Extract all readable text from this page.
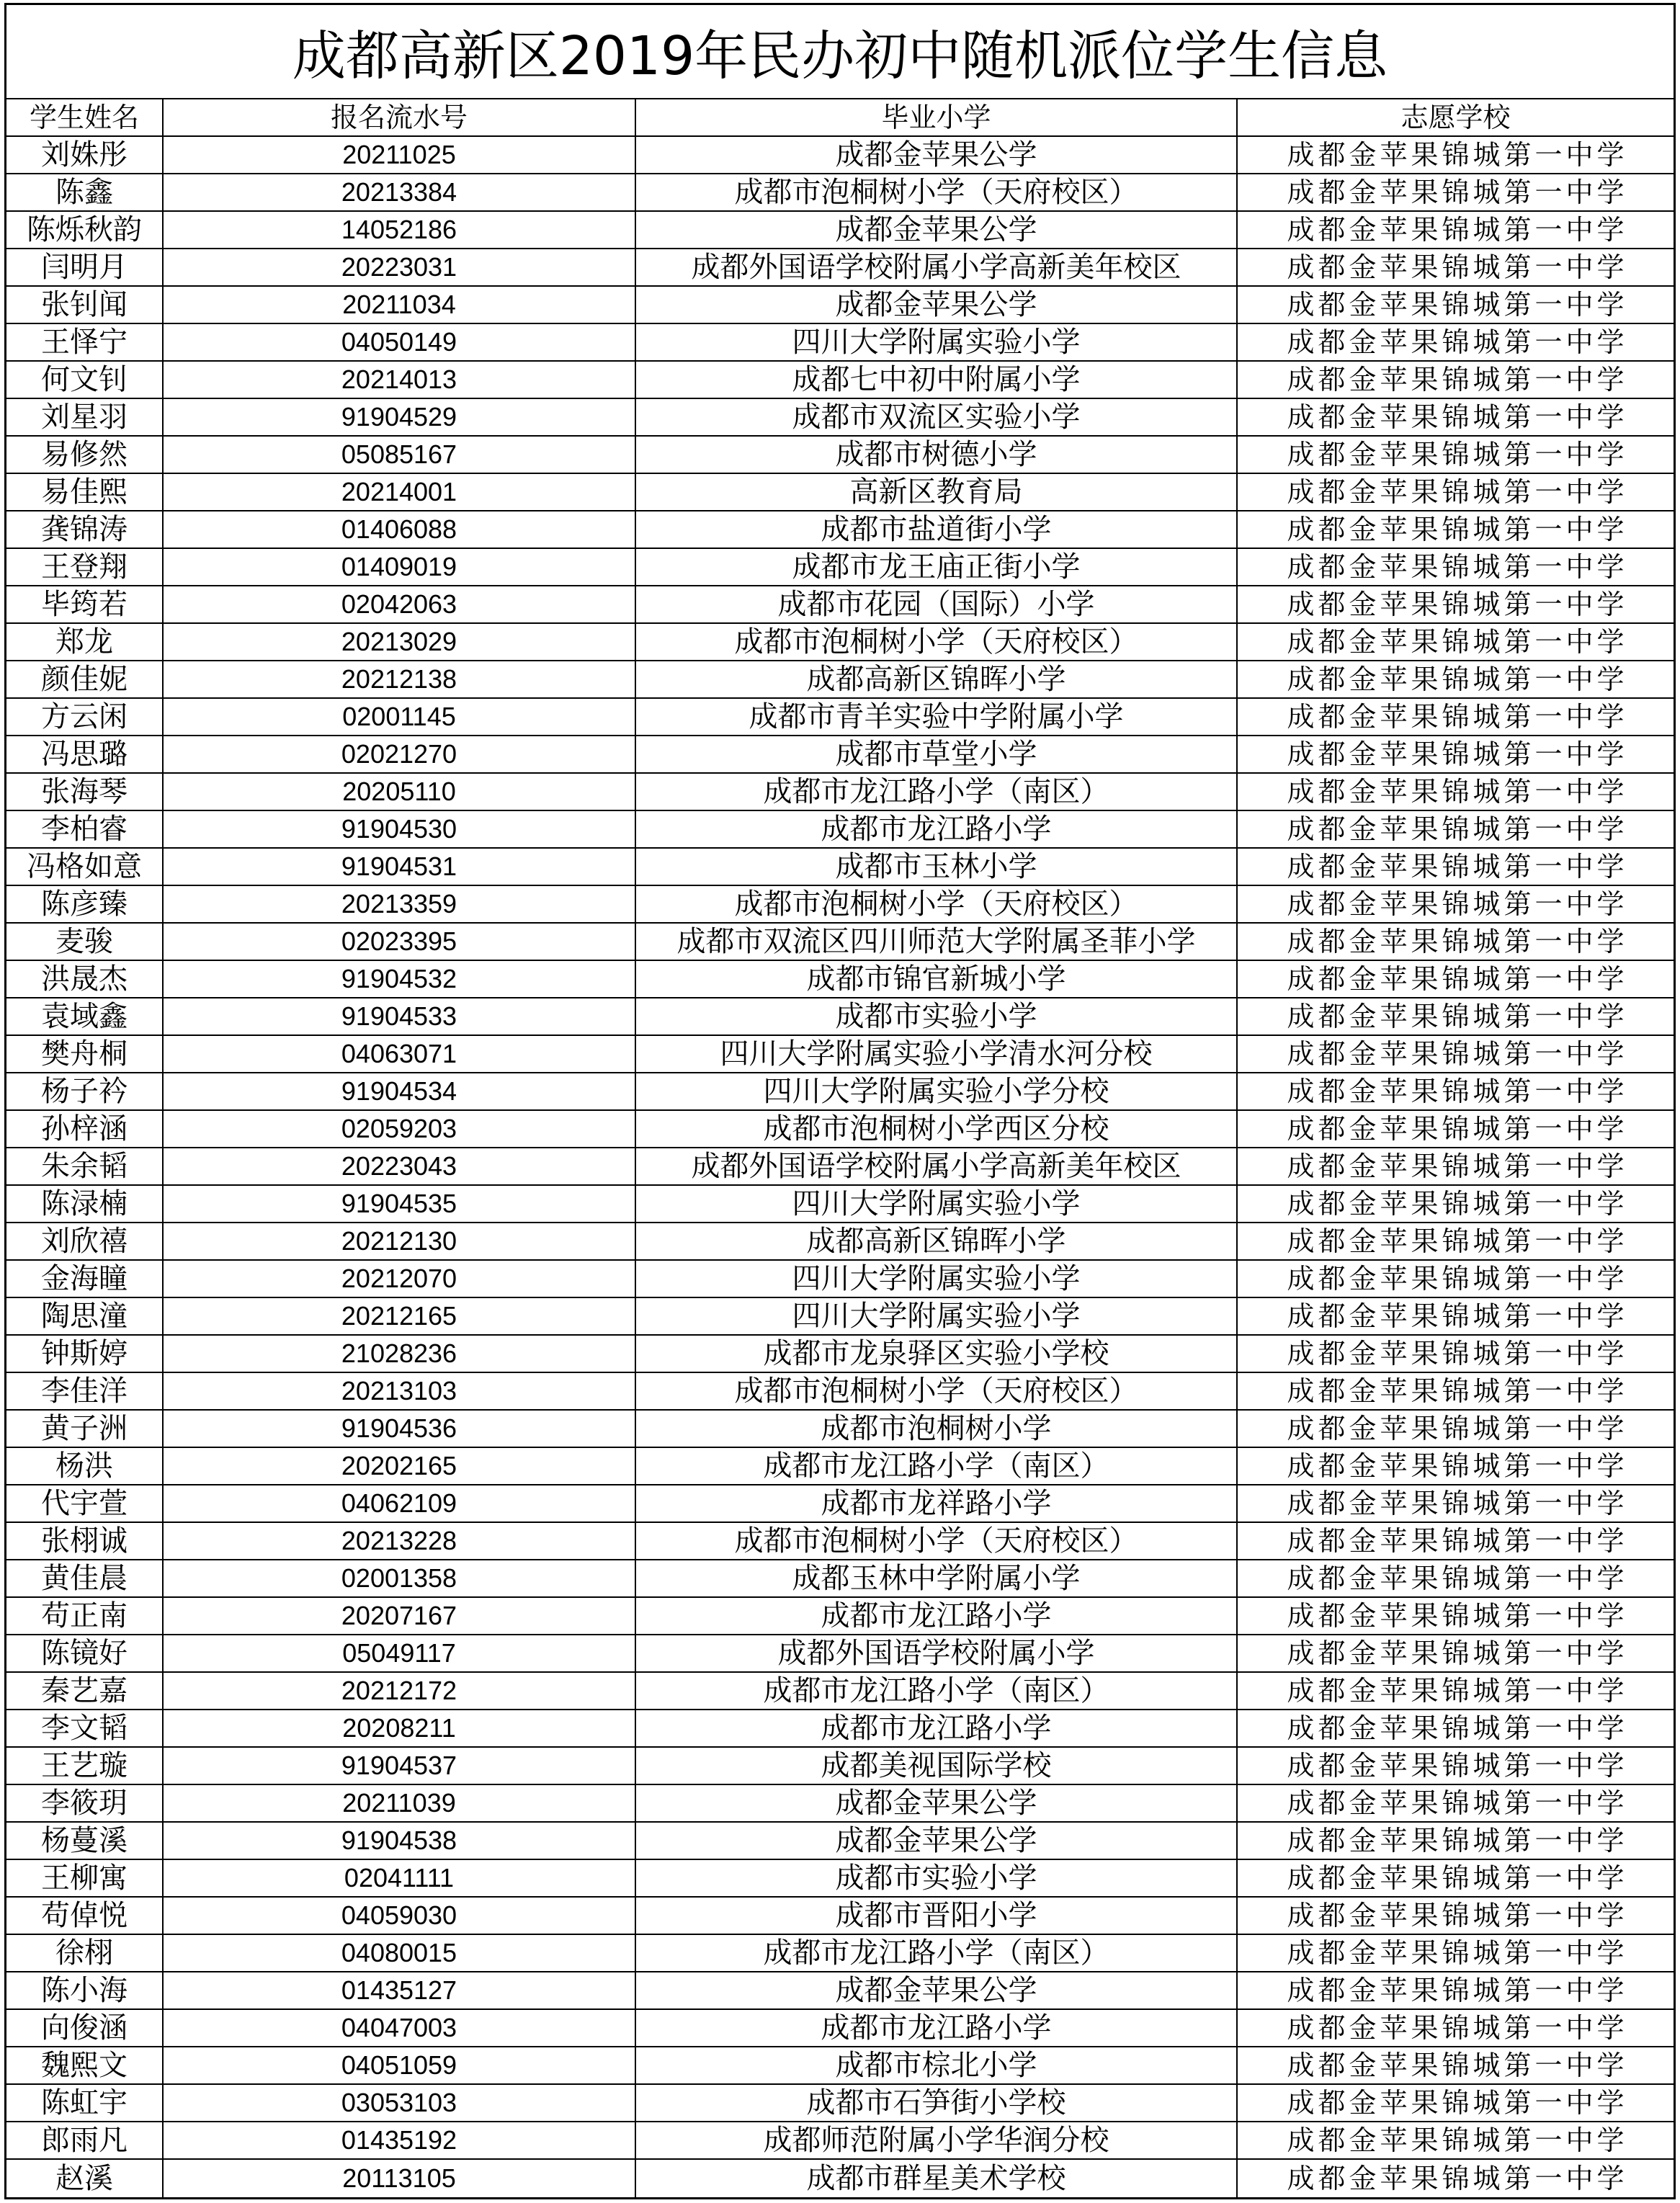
成都高新区2019年民办初中随机派位学生信息
学生姓名	报名流水号	毕业小学	志愿学校
刘姝彤	20211025	成都金苹果公学	成都金苹果锦城第一中学
陈鑫	20213384	成都市泡桐树小学（天府校区）	成都金苹果锦城第一中学
陈烁秋韵	14052186	成都金苹果公学	成都金苹果锦城第一中学
闫明月	20223031	成都外国语学校附属小学高新美年校区	成都金苹果锦城第一中学
张钊闻	20211034	成都金苹果公学	成都金苹果锦城第一中学
王怿宁	04050149	四川大学附属实验小学	成都金苹果锦城第一中学
何文钊	20214013	成都七中初中附属小学	成都金苹果锦城第一中学
刘星羽	91904529	成都市双流区实验小学	成都金苹果锦城第一中学
易修然	05085167	成都市树德小学	成都金苹果锦城第一中学
易佳熙	20214001	高新区教育局	成都金苹果锦城第一中学
龚锦涛	01406088	成都市盐道街小学	成都金苹果锦城第一中学
王登翔	01409019	成都市龙王庙正街小学	成都金苹果锦城第一中学
毕筠若	02042063	成都市花园（国际）小学	成都金苹果锦城第一中学
郑龙	20213029	成都市泡桐树小学（天府校区）	成都金苹果锦城第一中学
颜佳妮	20212138	成都高新区锦晖小学	成都金苹果锦城第一中学
方云闲	02001145	成都市青羊实验中学附属小学	成都金苹果锦城第一中学
冯思璐	02021270	成都市草堂小学	成都金苹果锦城第一中学
张海琴	20205110	成都市龙江路小学（南区）	成都金苹果锦城第一中学
李柏睿	91904530	成都市龙江路小学	成都金苹果锦城第一中学
冯格如意	91904531	成都市玉林小学	成都金苹果锦城第一中学
陈彦臻	20213359	成都市泡桐树小学（天府校区）	成都金苹果锦城第一中学
麦骏	02023395	成都市双流区四川师范大学附属圣菲小学	成都金苹果锦城第一中学
洪晟杰	91904532	成都市锦官新城小学	成都金苹果锦城第一中学
袁域鑫	91904533	成都市实验小学	成都金苹果锦城第一中学
樊舟桐	04063071	四川大学附属实验小学清水河分校	成都金苹果锦城第一中学
杨子衿	91904534	四川大学附属实验小学分校	成都金苹果锦城第一中学
孙梓涵	02059203	成都市泡桐树小学西区分校	成都金苹果锦城第一中学
朱余韬	20223043	成都外国语学校附属小学高新美年校区	成都金苹果锦城第一中学
陈渌楠	91904535	四川大学附属实验小学	成都金苹果锦城第一中学
刘欣禧	20212130	成都高新区锦晖小学	成都金苹果锦城第一中学
金海瞳	20212070	四川大学附属实验小学	成都金苹果锦城第一中学
陶思潼	20212165	四川大学附属实验小学	成都金苹果锦城第一中学
钟斯婷	21028236	成都市龙泉驿区实验小学校	成都金苹果锦城第一中学
李佳洋	20213103	成都市泡桐树小学（天府校区）	成都金苹果锦城第一中学
黄子洲	91904536	成都市泡桐树小学	成都金苹果锦城第一中学
杨洪	20202165	成都市龙江路小学（南区）	成都金苹果锦城第一中学
代宇萱	04062109	成都市龙祥路小学	成都金苹果锦城第一中学
张栩诚	20213228	成都市泡桐树小学（天府校区）	成都金苹果锦城第一中学
黄佳晨	02001358	成都玉林中学附属小学	成都金苹果锦城第一中学
苟正南	20207167	成都市龙江路小学	成都金苹果锦城第一中学
陈镜好	05049117	成都外国语学校附属小学	成都金苹果锦城第一中学
秦艺嘉	20212172	成都市龙江路小学（南区）	成都金苹果锦城第一中学
李文韬	20208211	成都市龙江路小学	成都金苹果锦城第一中学
王艺璇	91904537	成都美视国际学校	成都金苹果锦城第一中学
李筱玥	20211039	成都金苹果公学	成都金苹果锦城第一中学
杨蔓溪	91904538	成都金苹果公学	成都金苹果锦城第一中学
王柳寓	02041111	成都市实验小学	成都金苹果锦城第一中学
苟倬悦	04059030	成都市晋阳小学	成都金苹果锦城第一中学
徐栩	04080015	成都市龙江路小学（南区）	成都金苹果锦城第一中学
陈小海	01435127	成都金苹果公学	成都金苹果锦城第一中学
向俊涵	04047003	成都市龙江路小学	成都金苹果锦城第一中学
魏熙文	04051059	成都市棕北小学	成都金苹果锦城第一中学
陈虹宇	03053103	成都市石笋街小学校	成都金苹果锦城第一中学
郎雨凡	01435192	成都师范附属小学华润分校	成都金苹果锦城第一中学
赵溪	20113105	成都市群星美术学校	成都金苹果锦城第一中学
